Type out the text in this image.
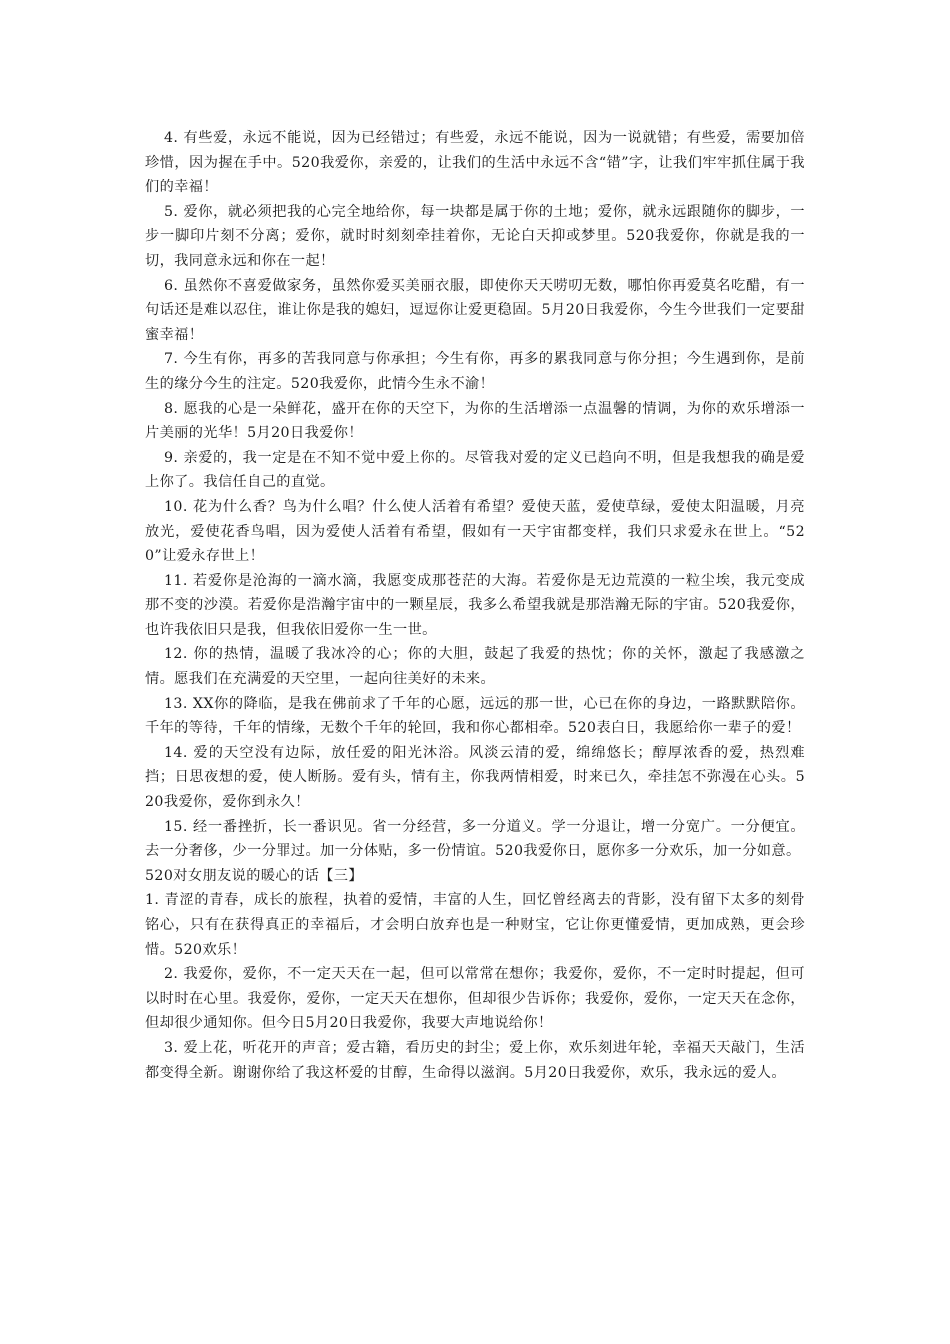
4. 有些爱，永远不能说，因为已经错过；有些爱，永远不能说，因为一说就错；有些爱，需要加倍珍惜，因为握在手中。520我爱你，亲爱的，让我们的生活中永远不含“错”字，让我们牢牢抓住属于我们的幸福！

5. 爱你，就必须把我的心完全地给你，每一块都是属于你的土地；爱你，就永远跟随你的脚步，一步一脚印片刻不分离；爱你，就时时刻刻牵挂着你，无论白天抑或梦里。520我爱你，你就是我的一切，我同意永远和你在一起！

6. 虽然你不喜爱做家务，虽然你爱买美丽衣服，即使你天天唠叨无数，哪怕你再爱莫名吃醋，有一句话还是难以忍住，谁让你是我的媳妇，逗逗你让爱更稳固。5月20日我爱你，今生今世我们一定要甜蜜幸福！

7. 今生有你，再多的苦我同意与你承担；今生有你，再多的累我同意与你分担；今生遇到你，是前生的缘分今生的注定。520我爱你，此情今生永不渝！

8. 愿我的心是一朵鲜花，盛开在你的天空下，为你的生活增添一点温馨的情调，为你的欢乐增添一片美丽的光华！5月20日我爱你！

9. 亲爱的，我一定是在不知不觉中爱上你的。尽管我对爱的定义已趋向不明，但是我想我的确是爱上你了。我信任自己的直觉。

10. 花为什么香？鸟为什么唱？什么使人活着有希望？爱使天蓝，爱使草绿，爱使太阳温暖，月亮放光，爱使花香鸟唱，因为爱使人活着有希望，假如有一天宇宙都变样，我们只求爱永在世上。“520”让爱永存世上！

11. 若爱你是沧海的一滴水滴，我愿变成那苍茫的大海。若爱你是无边荒漠的一粒尘埃，我元变成那不变的沙漠。若爱你是浩瀚宇宙中的一颗星辰，我多么希望我就是那浩瀚无际的宇宙。520我爱你，也许我依旧只是我，但我依旧爱你一生一世。

12. 你的热情，温暖了我冰冷的心；你的大胆，鼓起了我爱的热忱；你的关怀，激起了我感激之情。愿我们在充满爱的天空里，一起向往美好的未来。

13. XX你的降临，是我在佛前求了千年的心愿，远远的那一世，心已在你的身边，一路默默陪你。千年的等待，千年的情缘，无数个千年的轮回，我和你心都相牵。520表白日，我愿给你一辈子的爱！

14. 爱的天空没有边际，放任爱的阳光沐浴。风淡云清的爱，绵绵悠长；醇厚浓香的爱，热烈难挡；日思夜想的爱，使人断肠。爱有头，情有主，你我两情相爱，时来已久，牵挂怎不弥漫在心头。520我爱你，爱你到永久！

15. 经一番挫折，长一番识见。省一分经营，多一分道义。学一分退让，增一分宽广。一分便宜。去一分奢侈，少一分罪过。加一分体贴，多一份情谊。520我爱你日，愿你多一分欢乐，加一分如意。

520对女朋友说的暖心的话【三】

1. 青涩的青春，成长的旅程，执着的爱情，丰富的人生，回忆曾经离去的背影，没有留下太多的刻骨铭心，只有在获得真正的幸福后，才会明白放弃也是一种财宝，它让你更懂爱情，更加成熟，更会珍惜。520欢乐！

2. 我爱你，爱你，不一定天天在一起，但可以常常在想你；我爱你，爱你，不一定时时提起，但可以时时在心里。我爱你，爱你，一定天天在想你，但却很少告诉你；我爱你，爱你，一定天天在念你，但却很少通知你。但今日5月20日我爱你，我要大声地说给你！

3. 爱上花，听花开的声音；爱古籍，看历史的封尘；爱上你，欢乐刻进年轮，幸福天天敲门，生活都变得全新。谢谢你给了我这杯爱的甘醇，生命得以滋润。5月20日我爱你，欢乐，我永远的爱人。
